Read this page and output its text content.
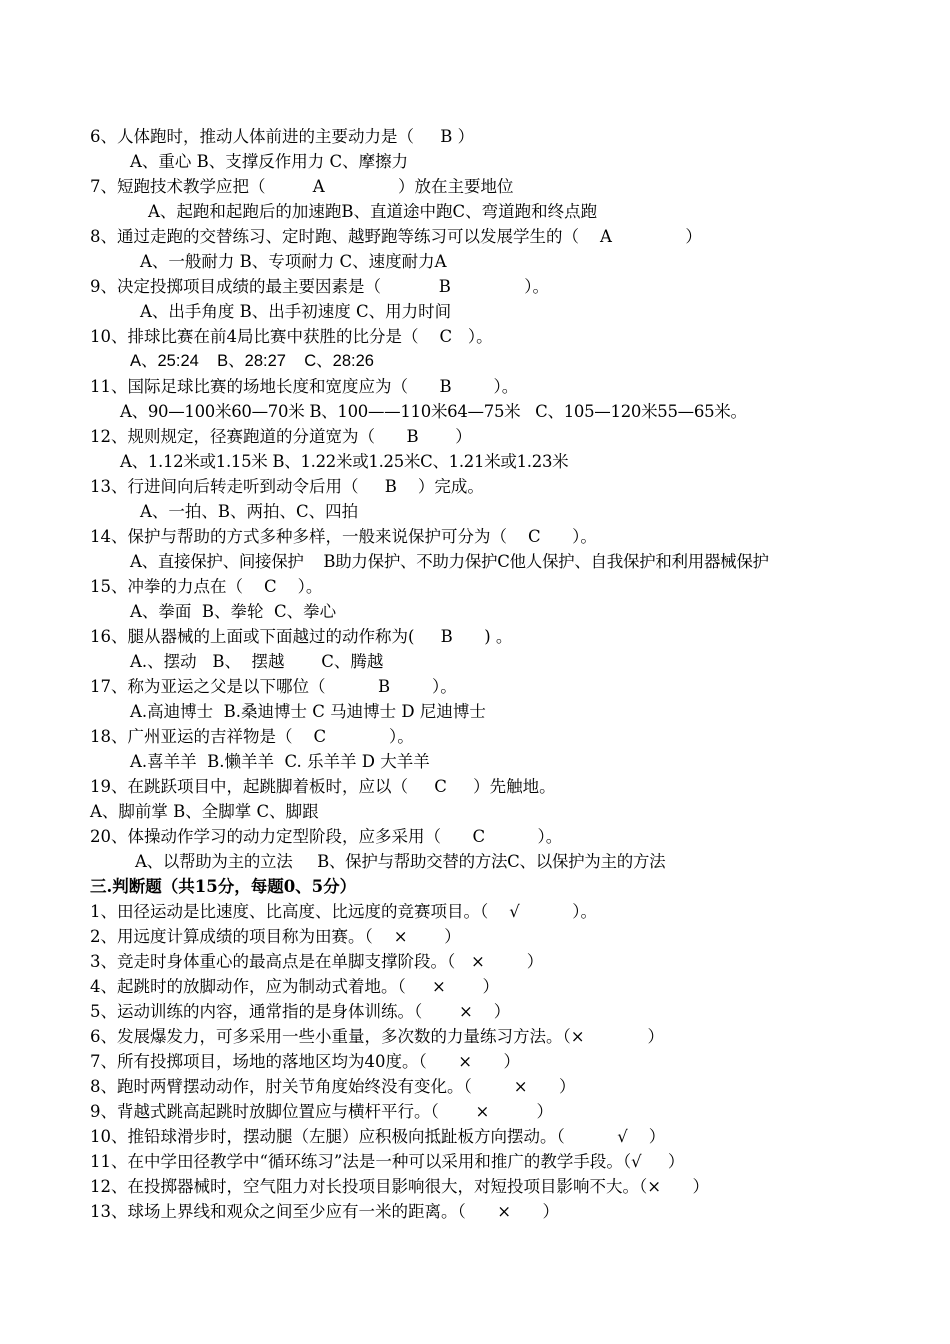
6、人体跑时，推动人体前进的主要动力是（     B ）
A、重心 B、支撑反作用力 C、摩擦力
7、短跑技术教学应把（         A              ）放在主要地位
A、起跑和起跑后的加速跑B、直道途中跑C、弯道跑和终点跑
8、通过走跑的交替练习、定时跑、越野跑等练习可以发展学生的（    A              ）
A、一般耐力 B、专项耐力 C、速度耐力A
9、决定投掷项目成绩的最主要因素是（           B              ）。
A、出手角度 B、出手初速度 C、用力时间
10、排球比赛在前4局比赛中获胜的比分是（    C   ）。
A、25:24    B、28:27    C、28:26
11、国际足球比赛的场地长度和宽度应为（      B        ）。
A、90—100米60—70米 B、100——110米64—75米   C、105—120米55—65米。
12、规则规定，径赛跑道的分道宽为（      B       ）
A、1.12米或1.15米 B、1.22米或1.25米C、1.21米或1.23米
13、行进间向后转走听到动令后用（     B    ）完成。
A、一拍、B、两拍、C、四拍
14、保护与帮助的方式多种多样，一般来说保护可分为（    C      ）。
A、直接保护、间接保护    B助力保护、不助力保护C他人保护、自我保护和利用器械保护
15、冲拳的力点在（    C    ）。
A、拳面  B、拳轮  C、拳心
16、腿从器械的上面或下面越过的动作称为(     B      ) 。
A.、摆动   B、  摆越       C、腾越
17、称为亚运之父是以下哪位（          B        ）。
A.高迪博士  B.桑迪博士 C 马迪博士 D 尼迪博士
18、广州亚运的吉祥物是（    C            ）。
A.喜羊羊  B.懒羊羊  C. 乐羊羊 D 大羊羊
19、在跳跃项目中，起跳脚着板时，应以（     C     ）先触地。
A、脚前掌 B、全脚掌 C、脚跟
20、体操动作学习的动力定型阶段，应多采用（      C          ）。
A、以帮助为主的立法     B、保护与帮助交替的方法C、以保护为主的方法
三.判断题（共15分，每题0、5分）
1、田径运动是比速度、比高度、比远度的竞赛项目。（    √          ）。
2、用远度计算成绩的项目称为田赛。（    ×       ）
3、竞走时身体重心的最高点是在单脚支撑阶段。（   ×        ）
4、起跳时的放脚动作，应为制动式着地。（     ×       ）
5、运动训练的内容，通常指的是身体训练。（       ×    ）
6、发展爆发力，可多采用一些小重量，多次数的力量练习方法。（×            ）
7、所有投掷项目，场地的落地区均为40度。（      ×      ）
8、跑时两臂摆动动作，肘关节角度始终没有变化。（        ×      ）
9、背越式跳高起跳时放脚位置应与横杆平行。（       ×         ）
10、推铅球滑步时，摆动腿（左腿）应积极向抵趾板方向摆动。（          √    ）
11、在中学田径教学中“循环练习”法是一种可以采用和推广的教学手段。（√     ）
12、在投掷器械时，空气阻力对长投项目影响很大，对短投项目影响不大。（×      ）
13、球场上界线和观众之间至少应有一米的距离。（      ×      ）
